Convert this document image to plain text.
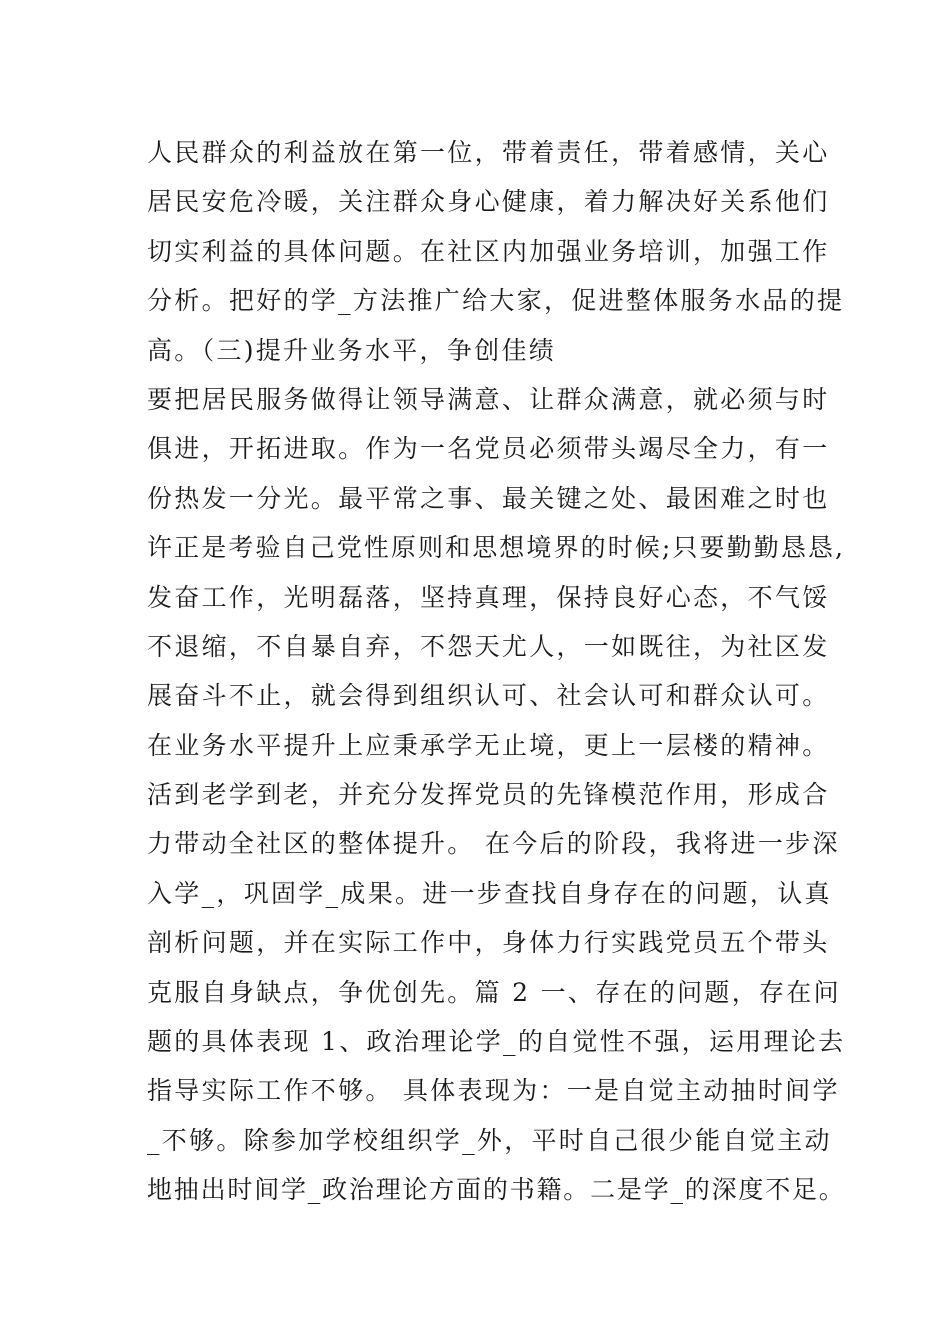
人民群众的利益放在第一位，带着责任，带着感情，关心
居民安危冷暖，关注群众身心健康，着力解决好关系他们
切实利益的具体问题。在社区内加强业务培训，加强工作
分析。把好的学_方法推广给大家，促进整体服务水品的提
高。（三)提升业务水平，争创佳绩
要把居民服务做得让领导满意、让群众满意，就必须与时
俱进，开拓进取。作为一名党员必须带头竭尽全力，有一
份热发一分光。最平常之事、最关键之处、最困难之时也
许正是考验自己党性原则和思想境界的时候;只要勤勤恳恳,
发奋工作，光明磊落，坚持真理，保持良好心态，不气馁
不退缩，不自暴自弃，不怨天尤人，一如既往，为社区发
展奋斗不止，就会得到组织认可、社会认可和群众认可。
在业务水平提升上应秉承学无止境，更上一层楼的精神。
活到老学到老，并充分发挥党员的先锋模范作用，形成合
力带动全社区的整体提升。 在今后的阶段，我将进一步深
入学_，巩固学_成果。进一步查找自身存在的问题，认真
剖析问题，并在实际工作中，身体力行实践党员五个带头
克服自身缺点，争优创先。篇 2 一、存在的问题，存在问
题的具体表现 1、政治理论学_的自觉性不强，运用理论去
指导实际工作不够。 具体表现为：一是自觉主动抽时间学
_不够。除参加学校组织学_外，平时自己很少能自觉主动
地抽出时间学_政治理论方面的书籍。二是学_的深度不足。
